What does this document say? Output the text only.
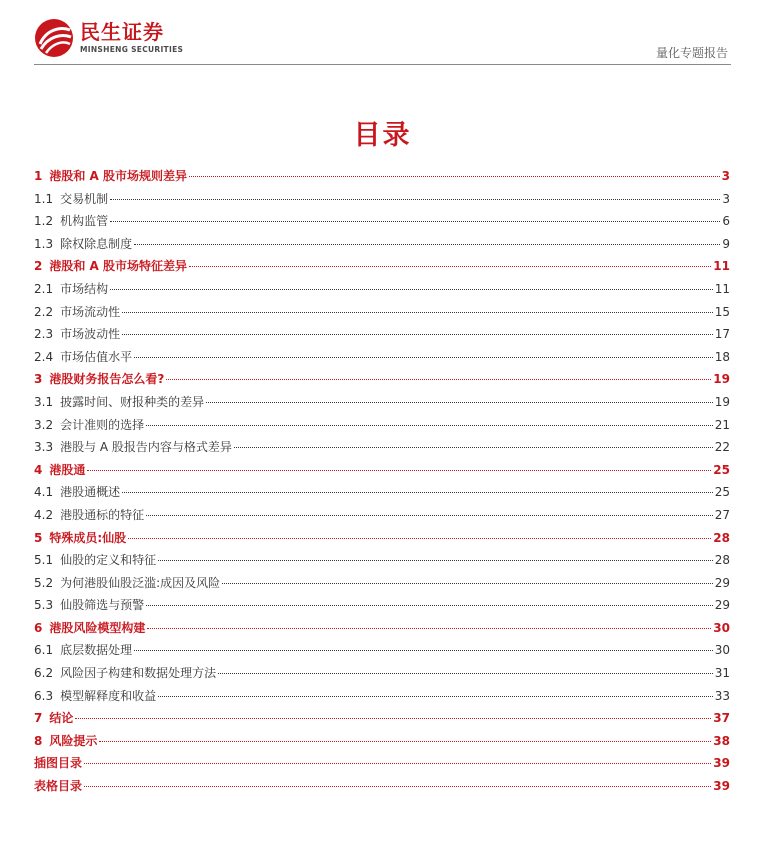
民生证券
MINSHENG SECURITIES	量化专题报告
目录
1 港股和 A 股市场规则差异	3
1.1 交易机制	3
1.2 机构监管	6
1.3 除权除息制度	9
2 港股和 A 股市场特征差异	11
2.1 市场结构	11
2.2 市场流动性	15
2.3 市场波动性	17
2.4 市场估值水平	18
3 港股财务报告怎么看?	19
3.1 披露时间、财报种类的差异	19
3.2 会计准则的选择	21
3.3 港股与 A 股报告内容与格式差异	22
4 港股通	25
4.1 港股通概述	25
4.2 港股通标的特征	27
5 特殊成员:仙股	28
5.1 仙股的定义和特征	28
5.2 为何港股仙股泛滥:成因及风险	29
5.3 仙股筛选与预警	29
6 港股风险模型构建	30
6.1 底层数据处理	30
6.2 风险因子构建和数据处理方法	31
6.3 模型解释度和收益	33
7 结论	37
8 风险提示	38
插图目录	39
表格目录	39
